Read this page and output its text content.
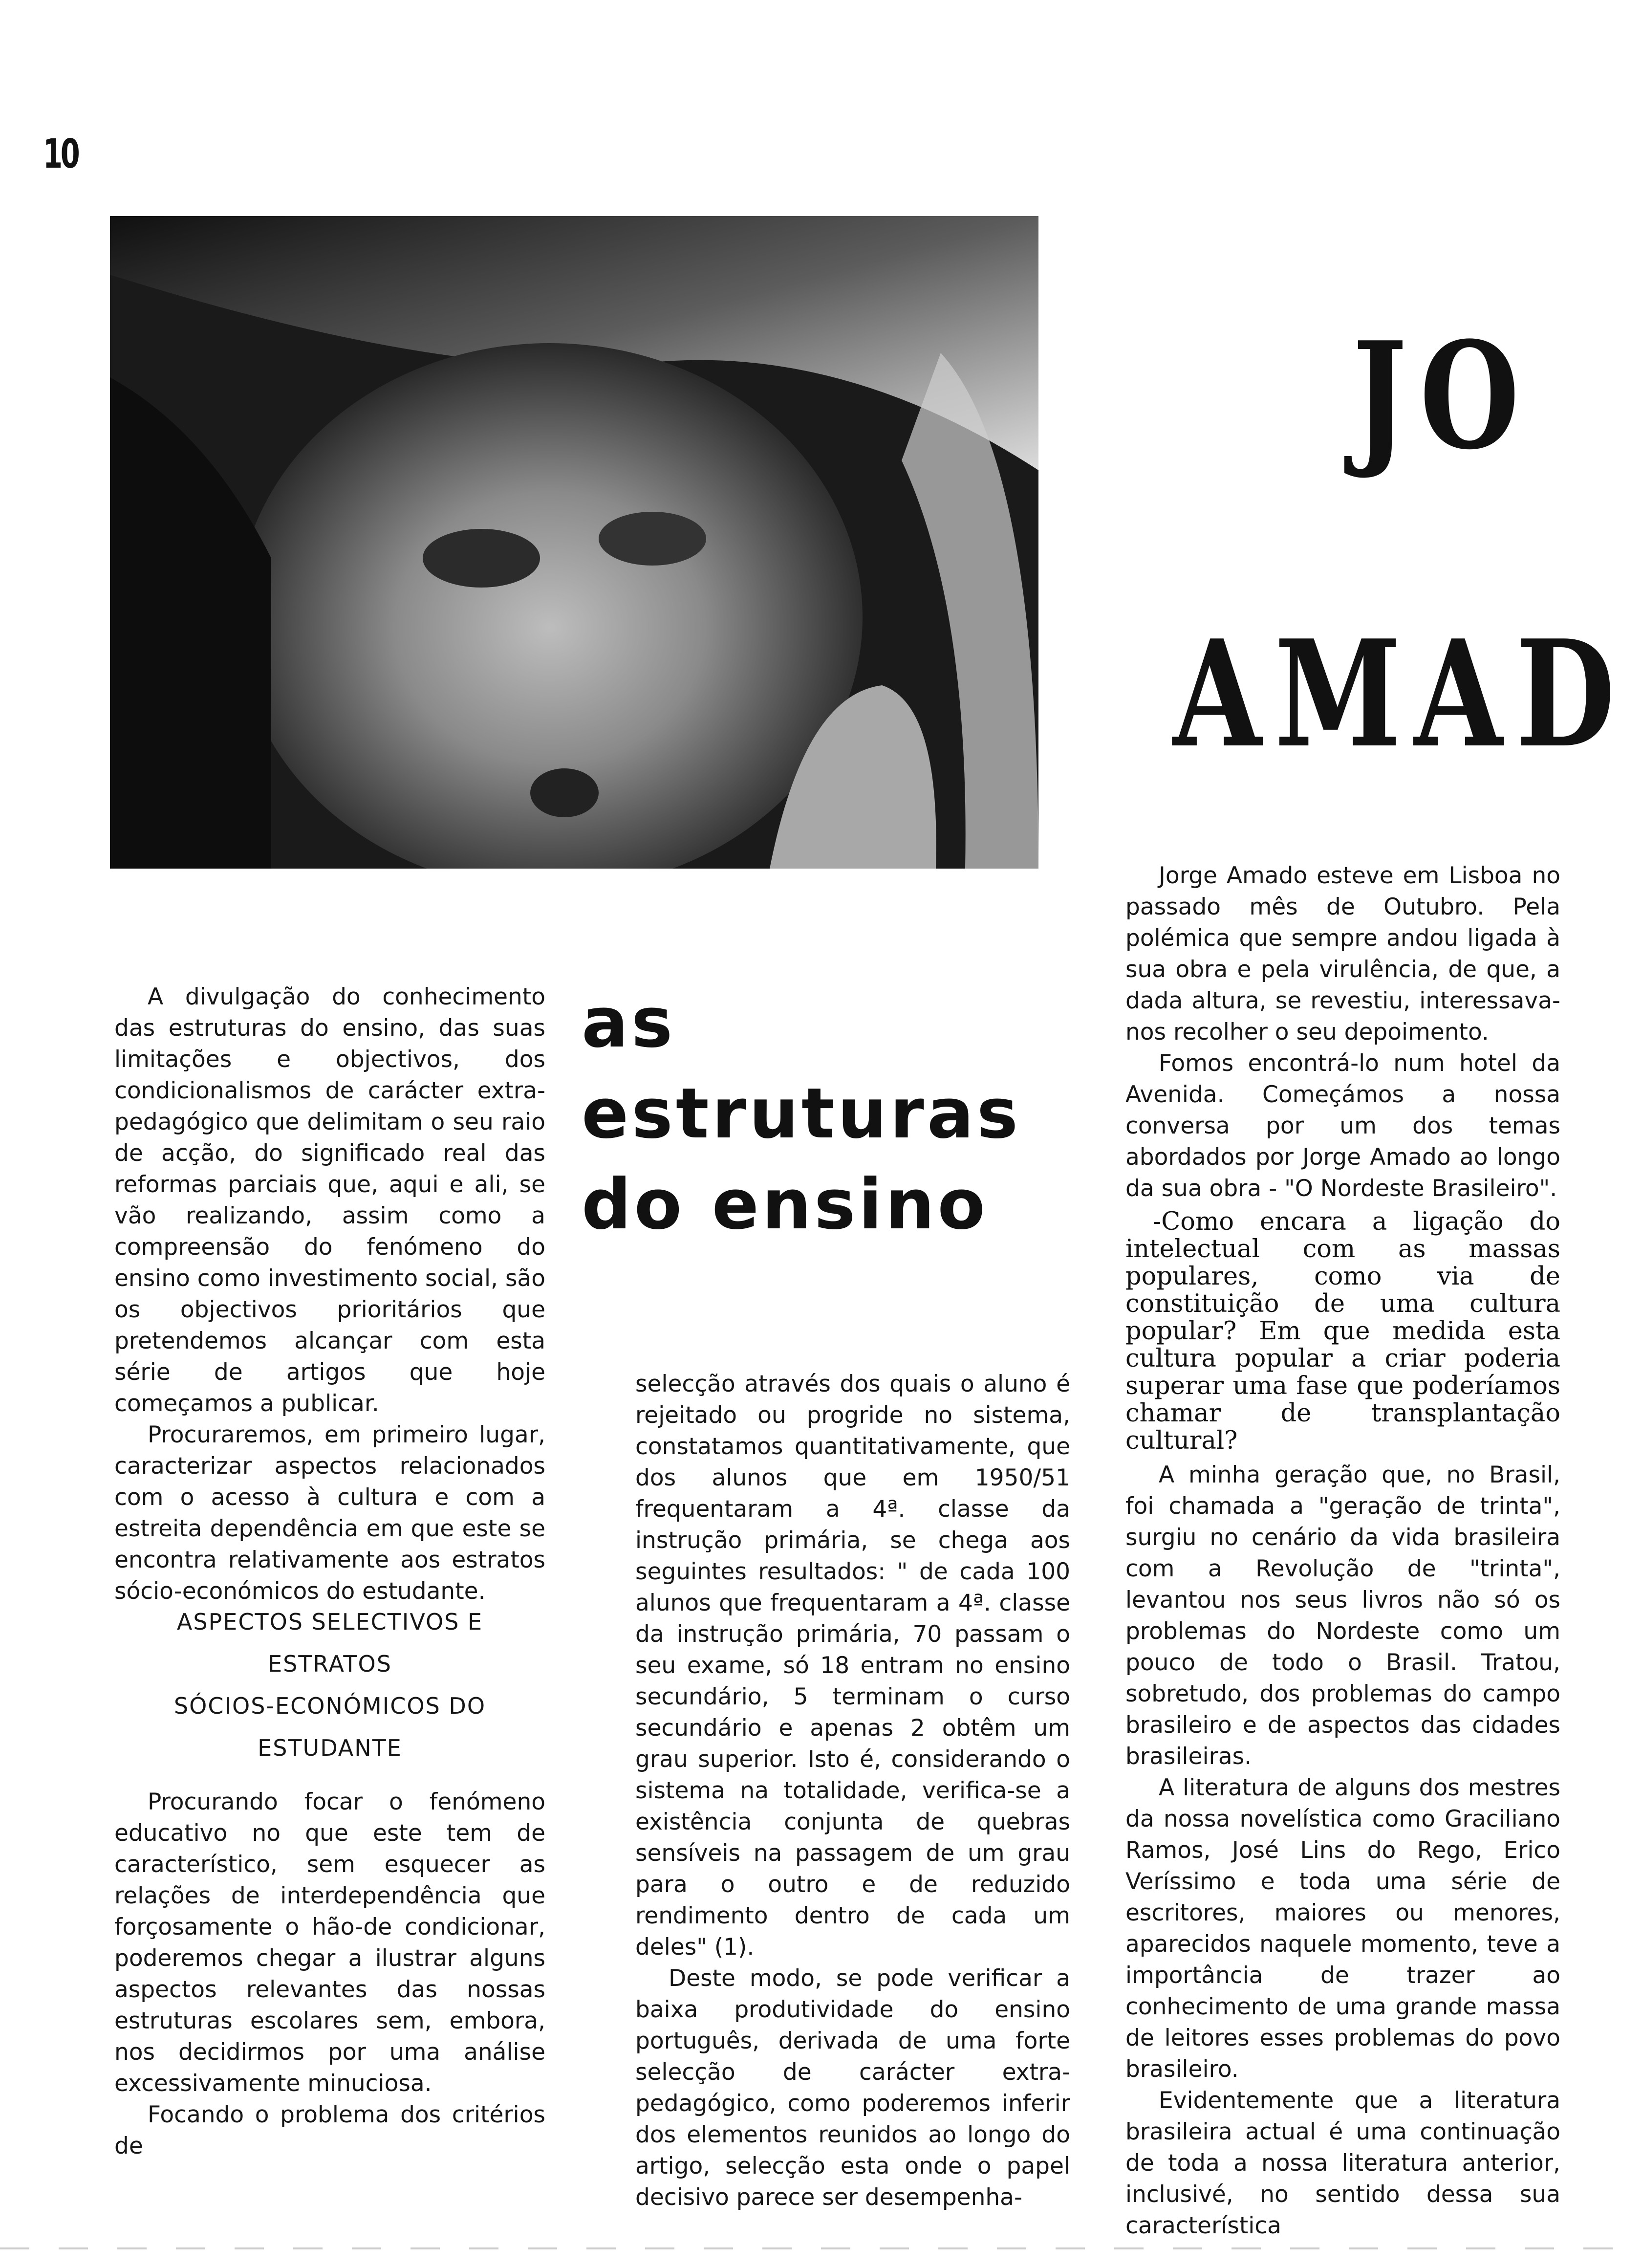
10
JO
AMAD
as
estruturas
do ensino

A divulgação do conhecimento das estruturas do ensino, das suas limitações e objectivos, dos condicionalismos de carácter extra-pedagógico que delimitam o seu raio de acção, do significado real das reformas parciais que, aqui e ali, se vão realizando, assim como a compreensão do fenómeno do ensino como investimento social, são os objectivos prioritários que pretendemos alcançar com esta série de artigos que hoje começamos a publicar.

Procuraremos, em primeiro lugar, caracterizar aspectos relacionados com o acesso à cultura e com a estreita dependência em que este se encontra relativamente aos estratos sócio-económicos do estudante.

ASPECTOS SELECTIVOS E ESTRATOS
SÓCIOS-ECONÓMICOS DO
ESTUDANTE

Procurando focar o fenómeno educativo no que este tem de característico, sem esquecer as relações de interdependência que forçosamente o hão-de condicionar, poderemos chegar a ilustrar alguns aspectos relevantes das nossas estruturas escolares sem, embora, nos decidirmos por uma análise excessivamente minuciosa.

Focando o problema dos critérios de

selecção através dos quais o aluno é rejeitado ou progride no sistema, constatamos quantitativamente, que dos alunos que em 1950/51 frequentaram a 4ª. classe da instrução primária, se chega aos seguintes resultados: " de cada 100 alunos que frequentaram a 4ª. classe da instrução primária, 70 passam o seu exame, só 18 entram no ensino secundário, 5 terminam o curso secundário e apenas 2 obtêm um grau superior. Isto é, considerando o sistema na totalidade, verifica-se a existência conjunta de quebras sensíveis na passagem de um grau para o outro e de reduzido rendimento dentro de cada um deles" (1).

Deste modo, se pode verificar a baixa produtividade do ensino português, derivada de uma forte selecção de carácter extra-pedagógico, como poderemos inferir dos elementos reunidos ao longo do artigo, selecção esta onde o papel decisivo parece ser desempenha-

Jorge Amado esteve em Lisboa no passado mês de Outubro. Pela polémica que sempre andou ligada à sua obra e pela virulência, de que, a dada altura, se revestiu, interessava-nos recolher o seu depoimento.

Fomos encontrá-lo num hotel da Avenida. Começámos a nossa conversa por um dos temas abordados por Jorge Amado ao longo da sua obra - "O Nordeste Brasileiro".

-Como encara a ligação do intelectual com as massas populares, como via de constituição de uma cultura popular? Em que medida esta cultura popular a criar poderia superar uma fase que poderíamos chamar de transplantação cultural?

A minha geração que, no Brasil, foi chamada a "geração de trinta", surgiu no cenário da vida brasileira com a Revolução de "trinta", levantou nos seus livros não só os problemas do Nordeste como um pouco de todo o Brasil. Tratou, sobretudo, dos problemas do campo brasileiro e de aspectos das cidades brasileiras.

A literatura de alguns dos mestres da nossa novelística como Graciliano Ramos, José Lins do Rego, Erico Veríssimo e toda uma série de escritores, maiores ou menores, aparecidos naquele momento, teve a importância de trazer ao conhecimento de uma grande massa de leitores esses problemas do povo brasileiro.

Evidentemente que a literatura brasileira actual é uma continuação de toda a nossa literatura anterior, inclusivé, no sentido dessa sua característica
